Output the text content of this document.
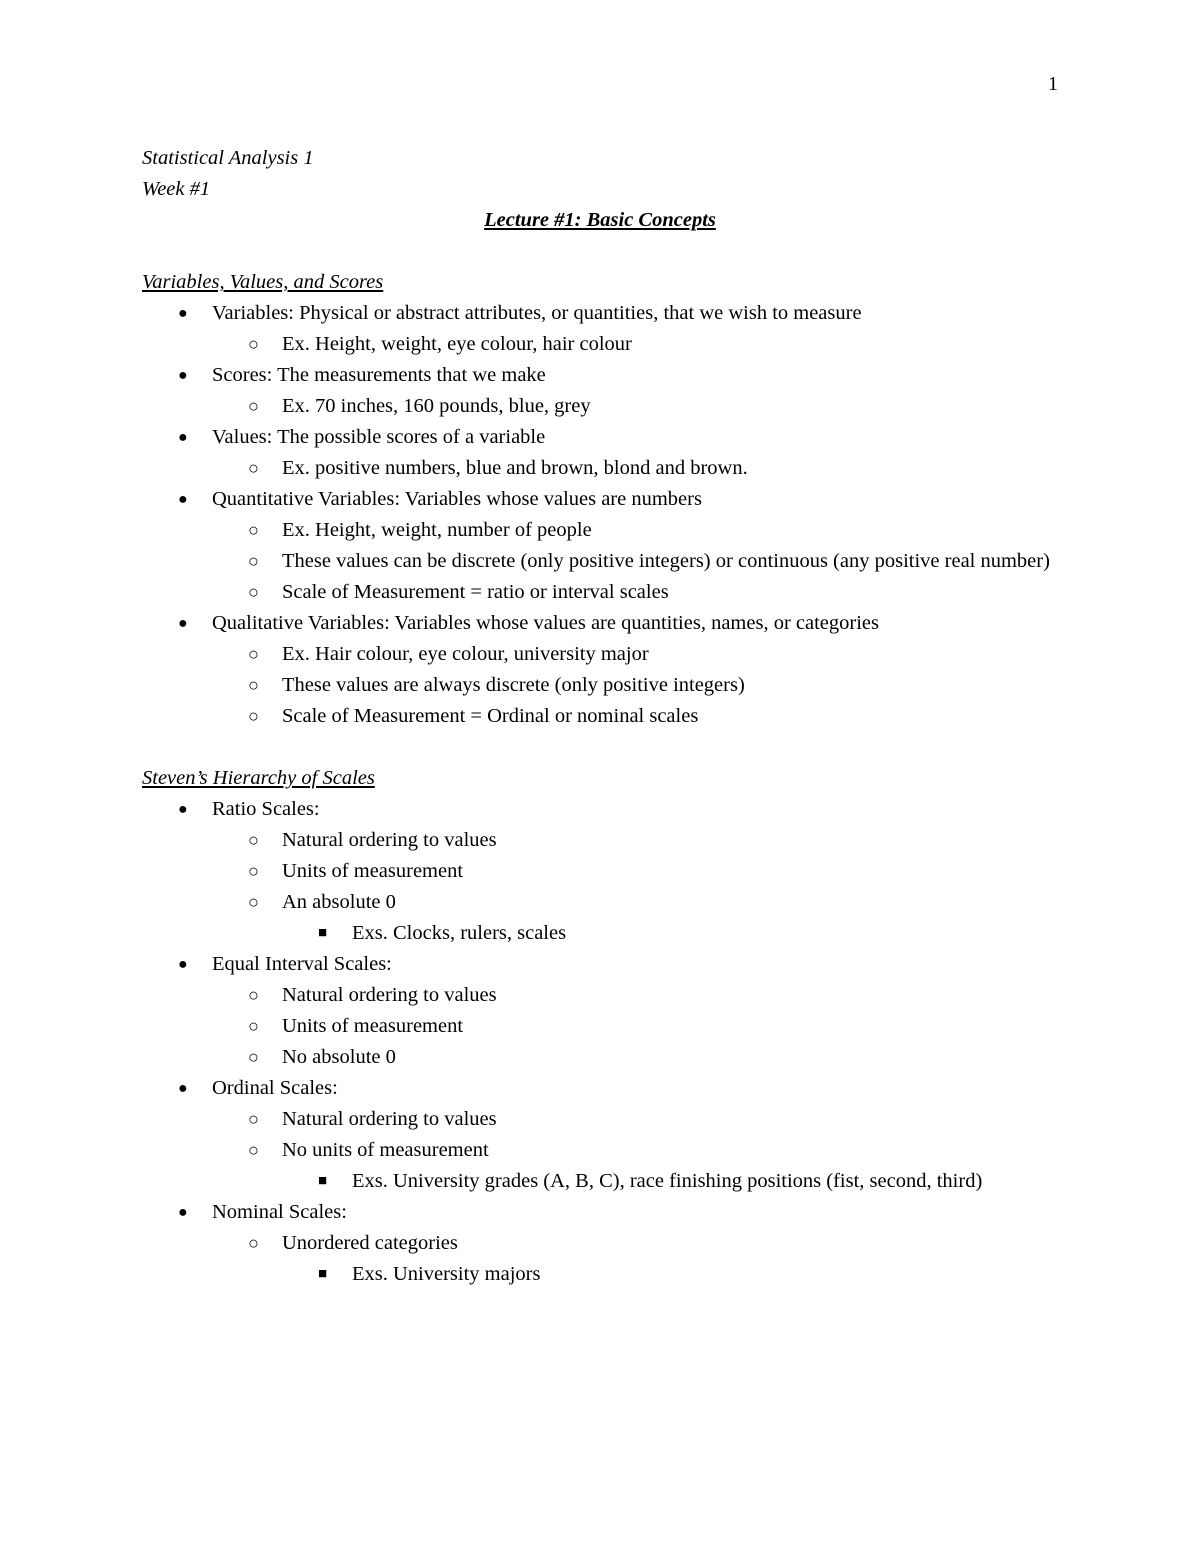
1
Statistical Analysis 1
Week #1
Lecture #1: Basic Concepts
Variables, Values, and Scores
● Variables: Physical or abstract attributes, or quantities, that we wish to measure
○ Ex. Height, weight, eye colour, hair colour
● Scores: The measurements that we make
○ Ex. 70 inches, 160 pounds, blue, grey
● Values: The possible scores of a variable
○ Ex. positive numbers, blue and brown, blond and brown.
● Quantitative Variables: Variables whose values are numbers
○ Ex. Height, weight, number of people
○ These values can be discrete (only positive integers) or continuous (any positive real number)
○ Scale of Measurement = ratio or interval scales
● Qualitative Variables: Variables whose values are quantities, names, or categories
○ Ex. Hair colour, eye colour, university major
○ These values are always discrete (only positive integers)
○ Scale of Measurement = Ordinal or nominal scales
Steven’s Hierarchy of Scales
● Ratio Scales:
○ Natural ordering to values
○ Units of measurement
○ An absolute 0
■ Exs. Clocks, rulers, scales
● Equal Interval Scales:
○ Natural ordering to values
○ Units of measurement
○ No absolute 0
● Ordinal Scales:
○ Natural ordering to values
○ No units of measurement
■ Exs. University grades (A, B, C), race finishing positions (fist, second, third)
● Nominal Scales:
○ Unordered categories
■ Exs. University majors
